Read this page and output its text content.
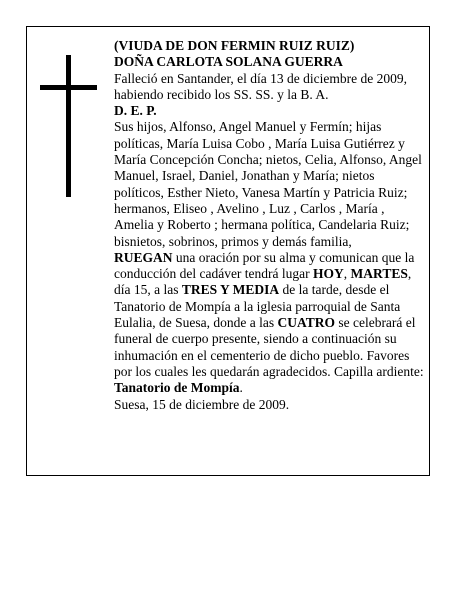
(VIUDA DE DON FERMIN RUIZ RUIZ)

DOÑA CARLOTA SOLANA GUERRA

Falleció en Santander, el día 13 de diciembre de 2009, habiendo recibido los SS. SS. y la B. A.

D. E. P.

Sus hijos, Alfonso, Angel Manuel y Fermín; hijas políticas, María Luisa Cobo , María Luisa Gutiérrez y María Concepción Concha; nietos, Celia, Alfonso, Angel Manuel, Israel, Daniel, Jonathan y María; nietos políticos, Esther Nieto, Vanesa Martín y Patricia Ruiz; hermanos, Eliseo , Avelino , Luz , Carlos , María , Amelia y Roberto ; hermana política, Candelaria Ruiz; bisnietos, sobrinos, primos y demás familia,

RUEGAN una oración por su alma y comunican que la conducción del cadáver tendrá lugar HOY, MARTES, día 15, a las TRES Y MEDIA de la tarde, desde el Tanatorio de Mompía a la iglesia parroquial de Santa Eulalia, de Suesa, donde a las CUATRO se celebrará el funeral de cuerpo presente, siendo a continuación su inhumación en el cementerio de dicho pueblo. Favores por los cuales les quedarán agradecidos. Capilla ardiente: Tanatorio de Mompía.

Suesa, 15 de diciembre de 2009.
